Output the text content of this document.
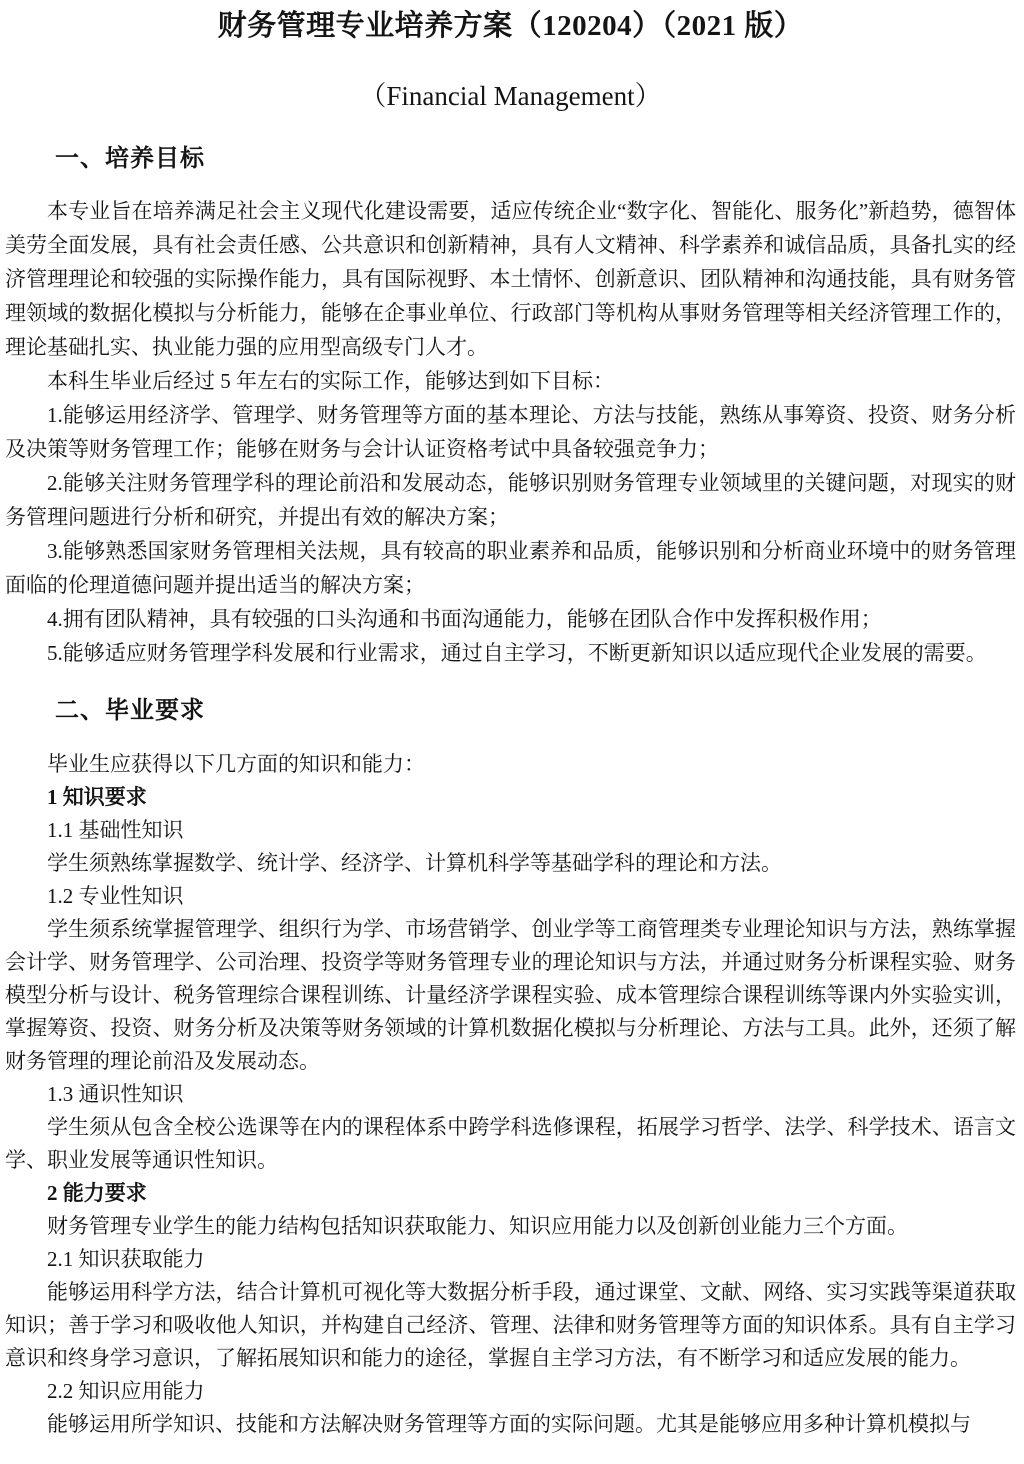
财务管理专业培养方案（120204）（2021 版）
（Financial Management）
一、培养目标

本专业旨在培养满足社会主义现代化建设需要，适应传统企业“数字化、智能化、服务化”新趋势，德智体美劳全面发展，具有社会责任感、公共意识和创新精神，具有人文精神、科学素养和诚信品质，具备扎实的经济管理理论和较强的实际操作能力，具有国际视野、本土情怀、创新意识、团队精神和沟通技能，具有财务管理领域的数据化模拟与分析能力，能够在企事业单位、行政部门等机构从事财务管理等相关经济管理工作的，理论基础扎实、执业能力强的应用型高级专门人才。

本科生毕业后经过 5 年左右的实际工作，能够达到如下目标：

1.能够运用经济学、管理学、财务管理等方面的基本理论、方法与技能，熟练从事筹资、投资、财务分析及决策等财务管理工作；能够在财务与会计认证资格考试中具备较强竞争力；

2.能够关注财务管理学科的理论前沿和发展动态，能够识别财务管理专业领域里的关键问题，对现实的财务管理问题进行分析和研究，并提出有效的解决方案；

3.能够熟悉国家财务管理相关法规，具有较高的职业素养和品质，能够识别和分析商业环境中的财务管理面临的伦理道德问题并提出适当的解决方案；

4.拥有团队精神，具有较强的口头沟通和书面沟通能力，能够在团队合作中发挥积极作用；

5.能够适应财务管理学科发展和行业需求，通过自主学习，不断更新知识以适应现代企业发展的需要。

二、毕业要求

毕业生应获得以下几方面的知识和能力：

1 知识要求

1.1 基础性知识

学生须熟练掌握数学、统计学、经济学、计算机科学等基础学科的理论和方法。

1.2 专业性知识

学生须系统掌握管理学、组织行为学、市场营销学、创业学等工商管理类专业理论知识与方法，熟练掌握会计学、财务管理学、公司治理、投资学等财务管理专业的理论知识与方法，并通过财务分析课程实验、财务模型分析与设计、税务管理综合课程训练、计量经济学课程实验、成本管理综合课程训练等课内外实验实训，掌握筹资、投资、财务分析及决策等财务领域的计算机数据化模拟与分析理论、方法与工具。此外，还须了解财务管理的理论前沿及发展动态。

1.3 通识性知识

学生须从包含全校公选课等在内的课程体系中跨学科选修课程，拓展学习哲学、法学、科学技术、语言文学、职业发展等通识性知识。

2 能力要求

财务管理专业学生的能力结构包括知识获取能力、知识应用能力以及创新创业能力三个方面。

2.1 知识获取能力

能够运用科学方法，结合计算机可视化等大数据分析手段，通过课堂、文献、网络、实习实践等渠道获取知识；善于学习和吸收他人知识，并构建自己经济、管理、法律和财务管理等方面的知识体系。具有自主学习意识和终身学习意识，了解拓展知识和能力的途径，掌握自主学习方法，有不断学习和适应发展的能力。

2.2 知识应用能力

能够运用所学知识、技能和方法解决财务管理等方面的实际问题。尤其是能够应用多种计算机模拟与
